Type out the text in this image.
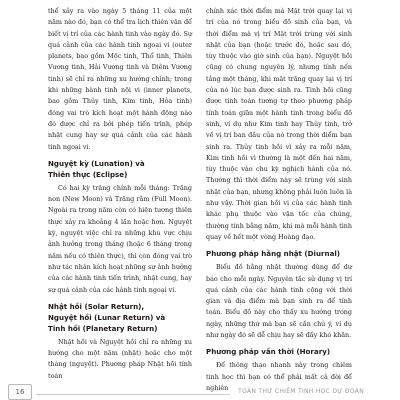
thể xảy ra vào ngày 5 tháng 11 của một năm nào đó, bạn có thể tra lịch thiên văn để biết vị trí của các hành tinh vào ngày đó. Sự quá cảnh của các hành tinh ngoại vi (outer planets, bao gồm Mộc tinh, Thổ tinh, Thiên Vương tinh, Hải Vương tinh và Diêm Vương tinh) sẽ chỉ ra những xu hướng chính; trong khi những hành tinh nội vi (inner planets, bao gồm Thủy tinh, Kim tinh, Hỏa tinh) đóng vai trò kích hoạt một hành động nào đó được chỉ ra bởi phép tiến trình, phép nhật cung hay sự quá cảnh của các hành tinh ngoại vi.

Nguyệt kỳ (Lunation) và
Thiên thực (Eclipse)

Có hai kỳ trăng chính mỗi tháng: Trăng non (New Moon) và Trăng rằm (Full Moon). Ngoài ra trong năm còn có hiện tượng thiên thực xảy ra khoảng 4 lần hoặc hơn. Nguyệt kỳ, nguyệt việc chỉ ra những khu vực chịu ảnh hưởng trong tháng (hoặc 6 tháng trong năm nếu có thiên thực), thì còn đóng vai trò như tác nhân kích hoạt những sự ảnh hưởng của các hành tinh tiến trình, nhật cung, hay sự quá cảnh của các hành tinh ngoại vi.

Nhật hồi (Solar Return),
Nguyệt hồi (Lunar Return) và
Tinh hồi (Planetary Return)

Nhật hồi và Nguyệt hồi chỉ ra những xu hướng cho một năm (nhật) hoặc cho một tháng (nguyệt). Phương pháp Nhật hồi tính toán

chính xác thời điểm mà Mặt trời quay lại vị trí của nó trong biểu đồ sinh của bạn, và thời điểm mà vị trí Mặt trời trùng với sinh nhật của bạn (hoặc trước đó, hoặc sau đó, tùy thuộc vào giờ sinh của bạn). Nguyệt hồi cũng có chung nguyên lý, nhưng tính nến tảng một tháng, khi mặt trăng quay lại vị trí của nó lúc bạn được sinh ra. Tinh hồi cũng được tính toán tương tự theo phương pháp tính toán giữa một hành tinh trong biểu đồ sinh, ví dụ như Kim tinh hay Thủy tinh, trở về vị trí ban đầu của nó trong thời điểm bạn sinh ra. Thủy tinh hồi vì xảy ra mỗi năm, Kim tinh hồi vì thường là một đến hai năm, tùy thuộc vào chu kỳ nghịch hành của nó. Thường thì thời điểm này sẽ trùng với sinh nhật của bạn, nhưng không phải luôn luôn là như vậy. Thời gian hồi vị của các hành tinh khác phụ thuộc vào vận tốc của chúng, thường tính bằng năm, khi mà mỗi hành tinh quay về hết một vòng Hoàng đạo.

Phương pháp hằng nhật (Diurnal)

Biểu đồ hằng nhật thường dùng để dự báo cho mỗi ngày. Nguyên tắc sử dụng vị trí quá cảnh của các hành tinh cộng với thời gian và địa điểm mà bạn sinh ra để tính toán. Biểu đồ này cho thấy xu hướng trong ngày, những thứ mà bạn sẽ cần chú ý, ví dụ như ngày đó sẽ dễ chịu hay sẽ đầy khó khăn.

Phương pháp vấn thời (Horary)

Để thông thạo nhanh này trong chiêm tinh học thì bạn có thể phải mất cả đời để nghiên

16	TOÀN THƯ CHIÊM TINH HỌC DỰ ĐOÁN
